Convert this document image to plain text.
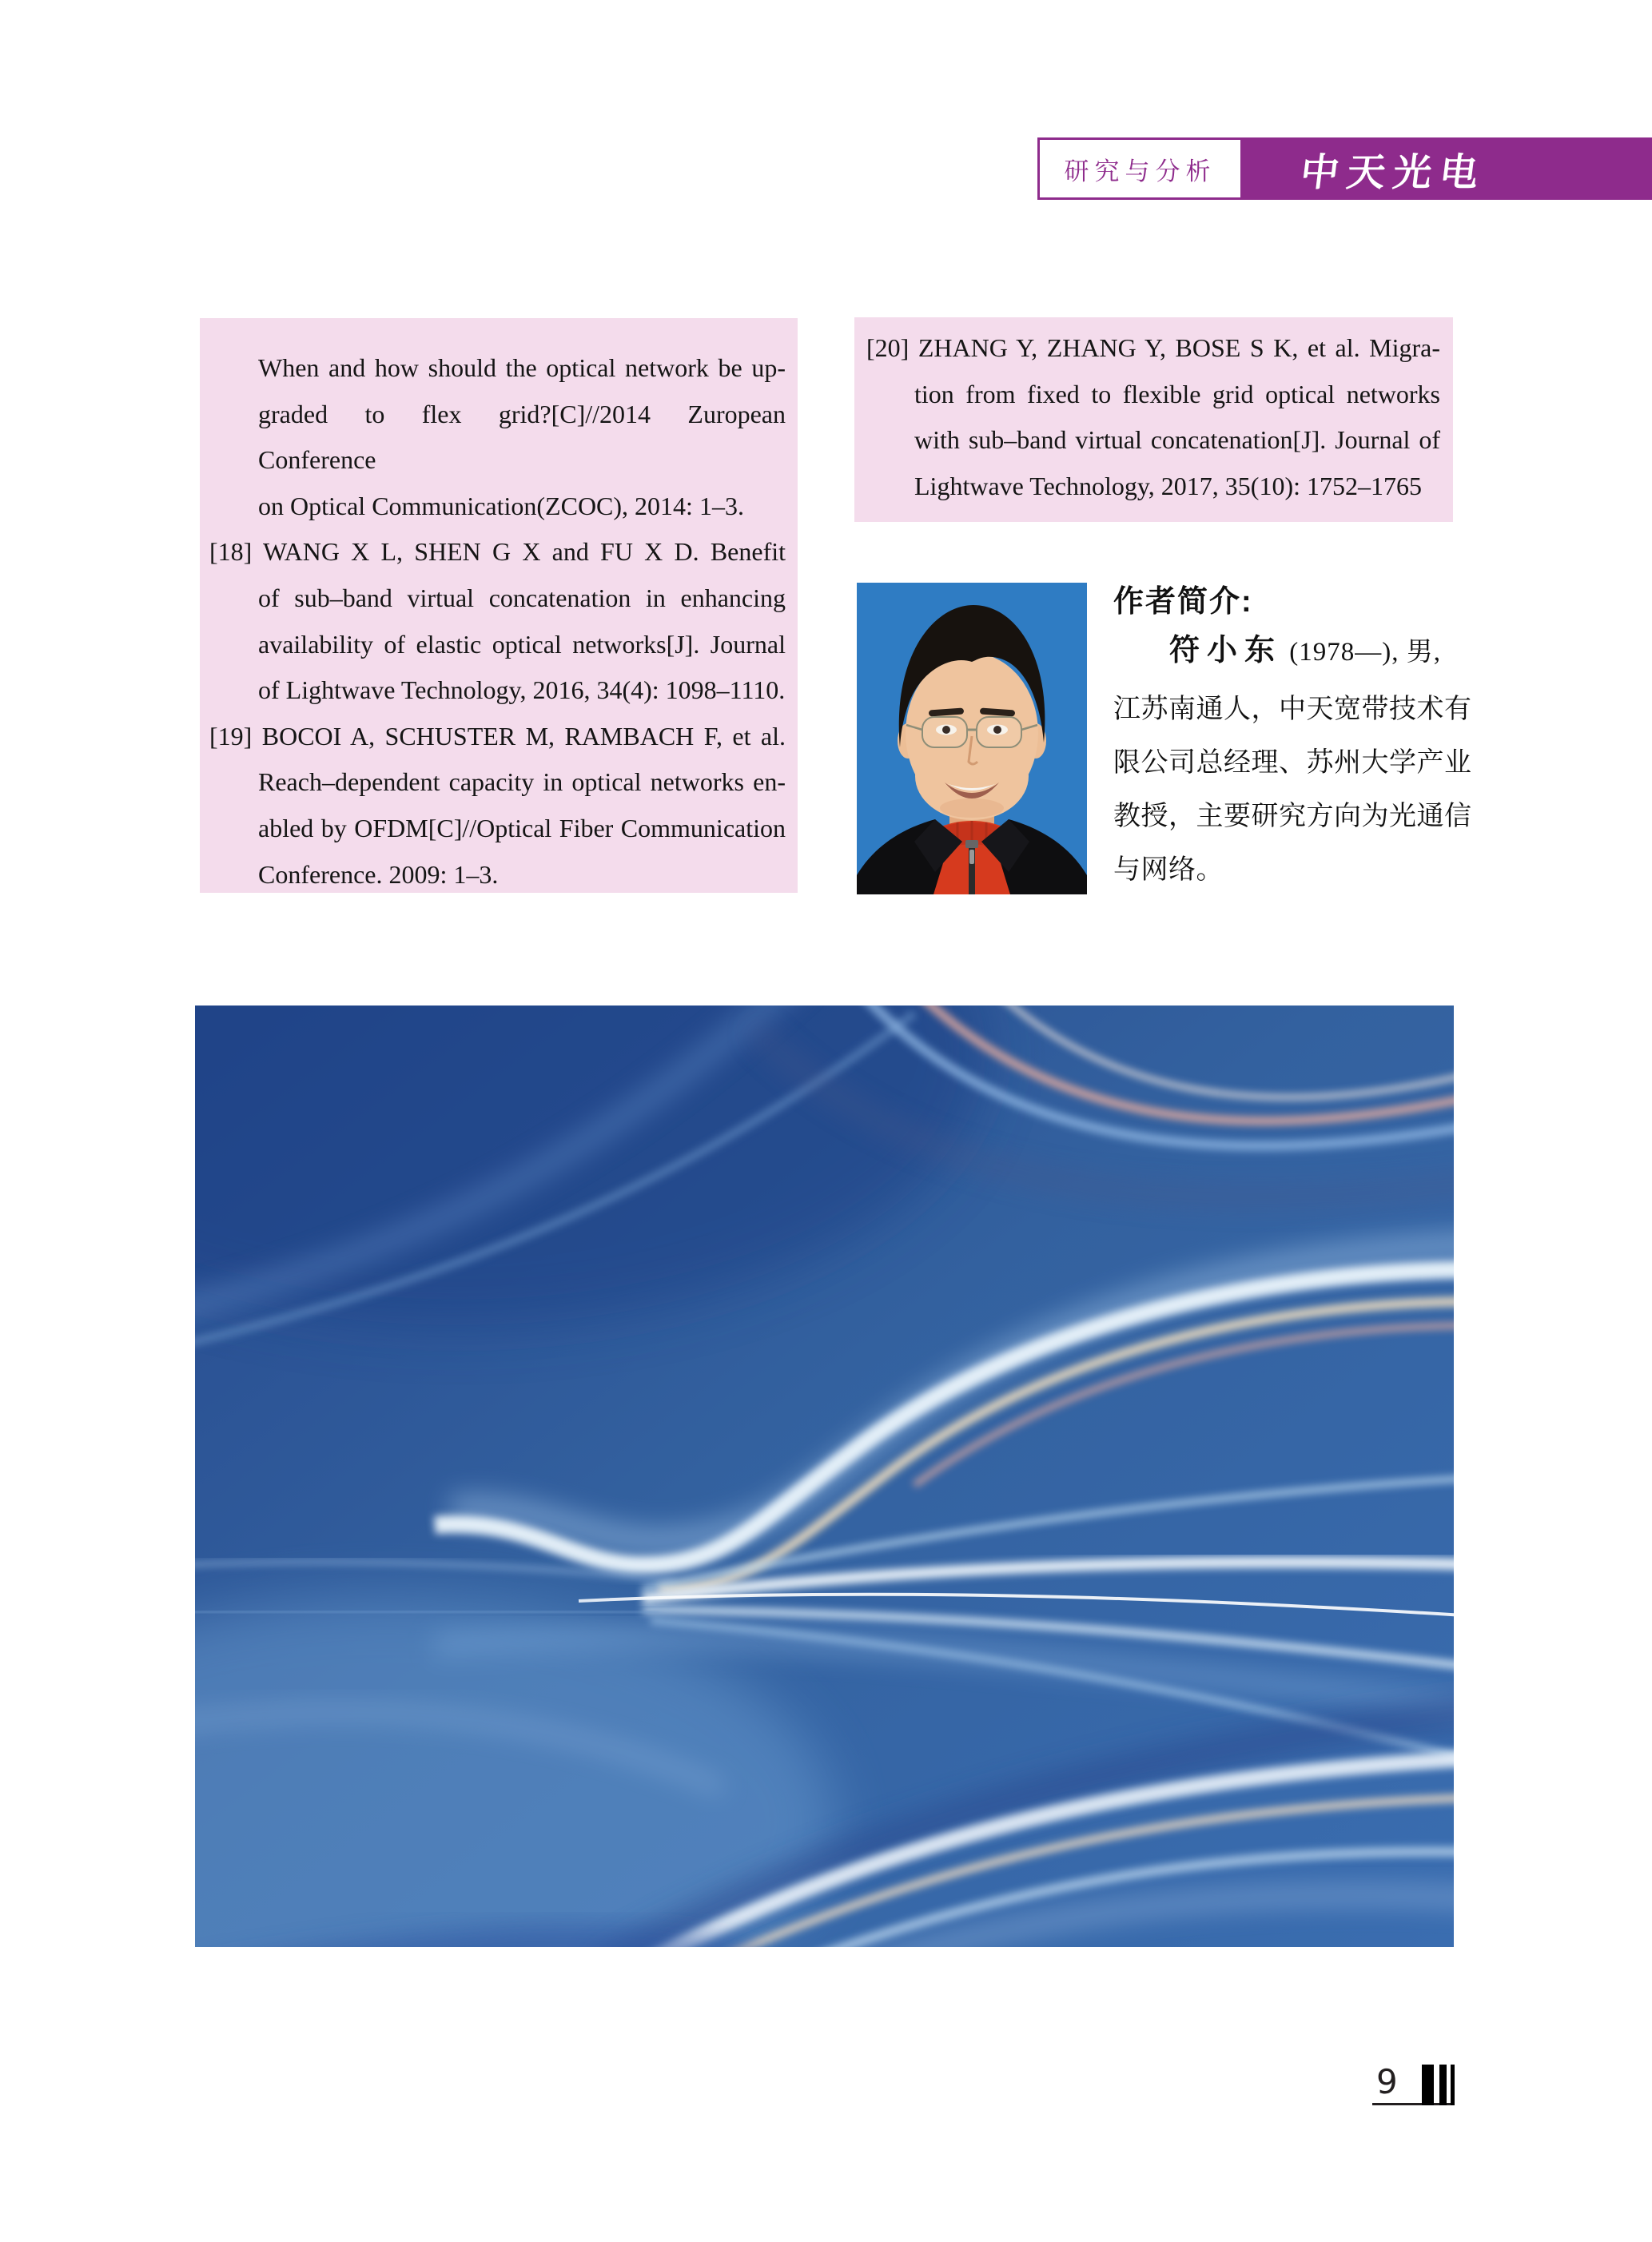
研究与分析 中天光电
When and how should the optical network be up-
graded to flex grid?[C]//2014 Zuropean Conference
on Optical Communication(ZCOC), 2014: 1–3.
[18] WANG X L, SHEN G X and FU X D. Benefit
of sub–band virtual concatenation in enhancing
availability of elastic optical networks[J]. Journal
of Lightwave Technology, 2016, 34(4): 1098–1110.
[19] BOCOI A, SCHUSTER M, RAMBACH F, et al.
Reach–dependent capacity in optical networks en-
abled by OFDM[C]//Optical Fiber Communication
Conference. 2009: 1–3.
[20] ZHANG Y, ZHANG Y, BOSE S K, et al. Migra-
tion from fixed to flexible grid optical networks
with sub–band virtual concatenation[J]. Journal of
Lightwave Technology, 2017, 35(10): 1752–1765
作者简介:
符小东 (1978—), 男,
江苏南通人，中天宽带技术有
限公司总经理、苏州大学产业
教授，主要研究方向为光通信
与网络。
9
